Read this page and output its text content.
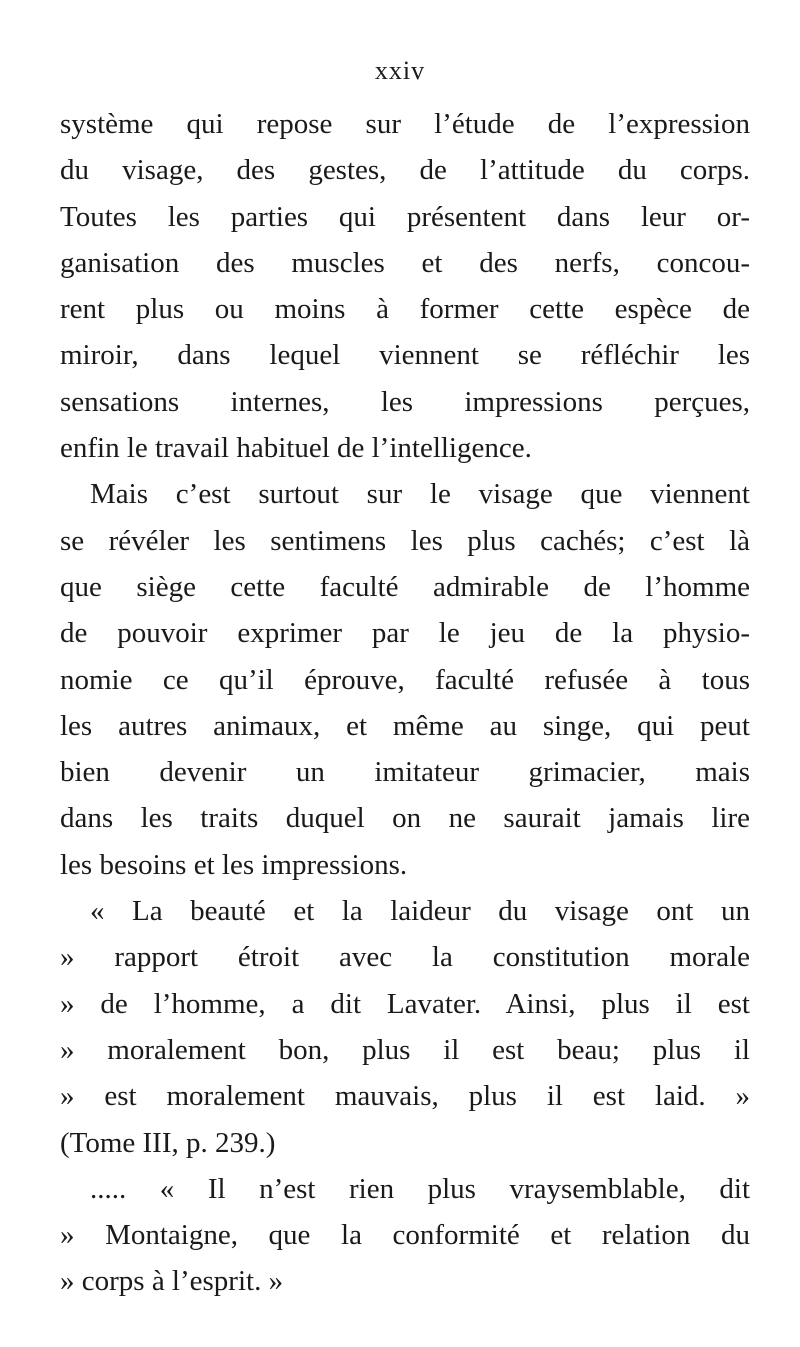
xxiv
système qui repose sur l’étude de l’expression
du visage, des gestes, de l’attitude du corps.
Toutes les parties qui présentent dans leur or-
ganisation des muscles et des nerfs, concou-
rent plus ou moins à former cette espèce de
miroir, dans lequel viennent se réfléchir les
sensations internes, les impressions perçues,
enfin le travail habituel de l’intelligence.
Mais c’est surtout sur le visage que viennent
se révéler les sentimens les plus cachés; c’est là
que siège cette faculté admirable de l’homme
de pouvoir exprimer par le jeu de la physio-
nomie ce qu’il éprouve, faculté refusée à tous
les autres animaux, et même au singe, qui peut
bien devenir un imitateur grimacier, mais
dans les traits duquel on ne saurait jamais lire
les besoins et les impressions.
« La beauté et la laideur du visage ont un
» rapport étroit avec la constitution morale
» de l’homme, a dit Lavater. Ainsi, plus il est
» moralement bon, plus il est beau; plus il
» est moralement mauvais, plus il est laid. »
(Tome III, p. 239.)
..... « Il n’est rien plus vraysemblable, dit
» Montaigne, que la conformité et relation du
» corps à l’esprit. »
